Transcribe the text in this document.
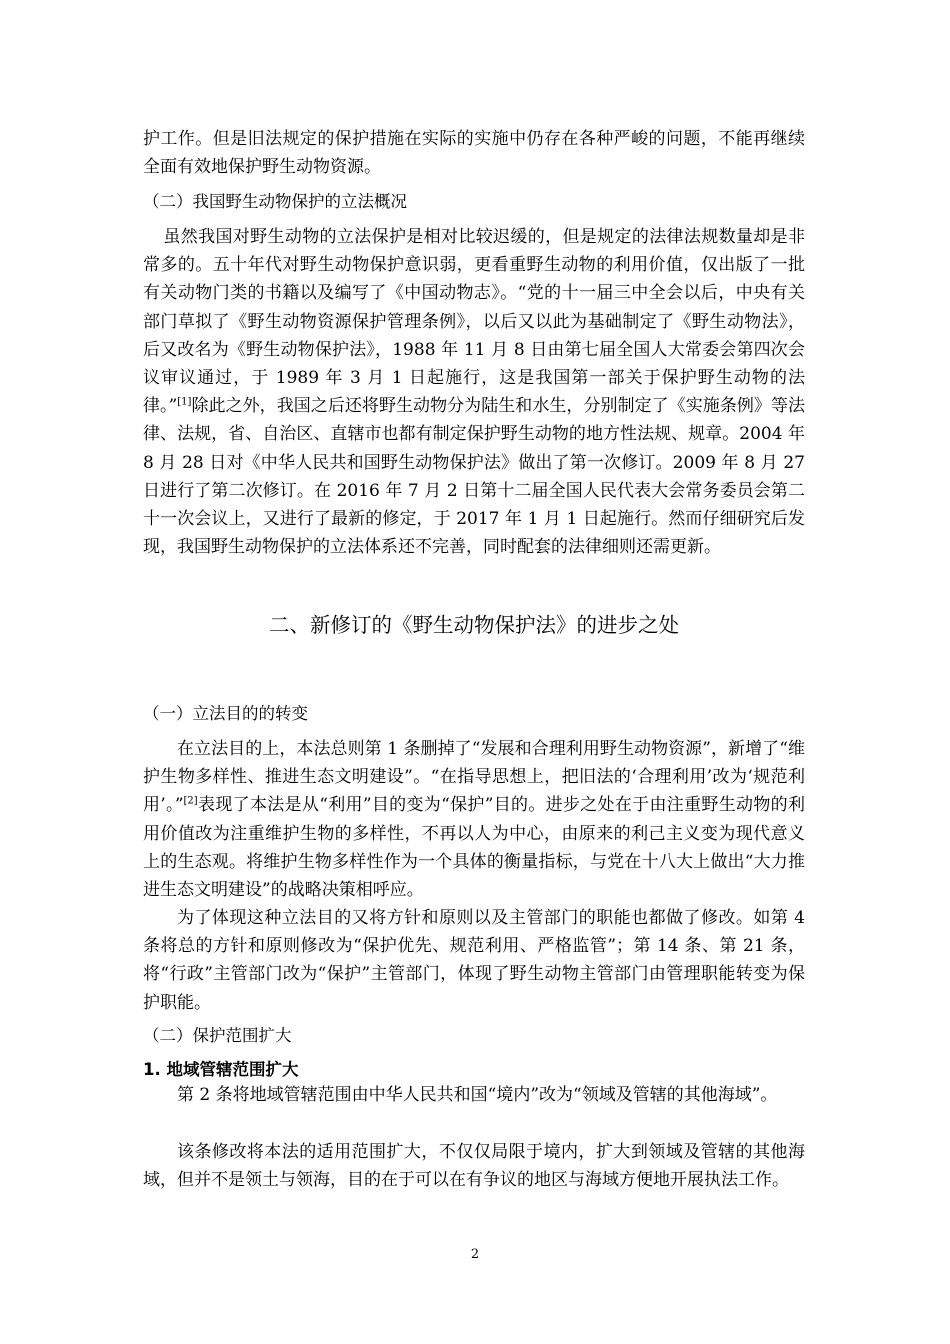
护工作。但是旧法规定的保护措施在实际的实施中仍存在各种严峻的问题，不能再继续全面有效地保护野生动物资源。

（二）我国野生动物保护的立法概况

虽然我国对野生动物的立法保护是相对比较迟缓的，但是规定的法律法规数量却是非常多的。五十年代对野生动物保护意识弱，更看重野生动物的利用价值，仅出版了一批有关动物门类的书籍以及编写了《中国动物志》。“党的十一届三中全会以后，中央有关部门草拟了《野生动物资源保护管理条例》，以后又以此为基础制定了《野生动物法》，后又改名为《野生动物保护法》，1988 年 11 月 8 日由第七届全国人大常委会第四次会议审议通过，于 1989 年 3 月 1 日起施行，这是我国第一部关于保护野生动物的法律。”[1]除此之外，我国之后还将野生动物分为陆生和水生，分别制定了《实施条例》等法律、法规，省、自治区、直辖市也都有制定保护野生动物的地方性法规、规章。2004 年 8 月 28 日对《中华人民共和国野生动物保护法》做出了第一次修订。2009 年 8 月 27 日进行了第二次修订。在 2016 年 7 月 2 日第十二届全国人民代表大会常务委员会第二十一次会议上，又进行了最新的修定，于 2017 年 1 月 1 日起施行。然而仔细研究后发现，我国野生动物保护的立法体系还不完善，同时配套的法律细则还需更新。

二、新修订的《野生动物保护法》的进步之处

（一）立法目的的转变

在立法目的上，本法总则第 1 条删掉了“发展和合理利用野生动物资源”，新增了“维护生物多样性、推进生态文明建设”。“在指导思想上，把旧法的‘合理利用’改为‘规范利用’。”[2]表现了本法是从“利用”目的变为“保护”目的。进步之处在于由注重野生动物的利用价值改为注重维护生物的多样性，不再以人为中心，由原来的利己主义变为现代意义上的生态观。将维护生物多样性作为一个具体的衡量指标，与党在十八大上做出“大力推进生态文明建设”的战略决策相呼应。

为了体现这种立法目的又将方针和原则以及主管部门的职能也都做了修改。如第 4 条将总的方针和原则修改为“保护优先、规范利用、严格监管”；第 14 条、第 21 条，将“行政”主管部门改为“保护”主管部门，体现了野生动物主管部门由管理职能转变为保护职能。

（二）保护范围扩大

1. 地域管辖范围扩大

第 2 条将地域管辖范围由中华人民共和国“境内”改为“领域及管辖的其他海域”。

该条修改将本法的适用范围扩大，不仅仅局限于境内，扩大到领域及管辖的其他海域，但并不是领土与领海，目的在于可以在有争议的地区与海域方便地开展执法工作。

2
